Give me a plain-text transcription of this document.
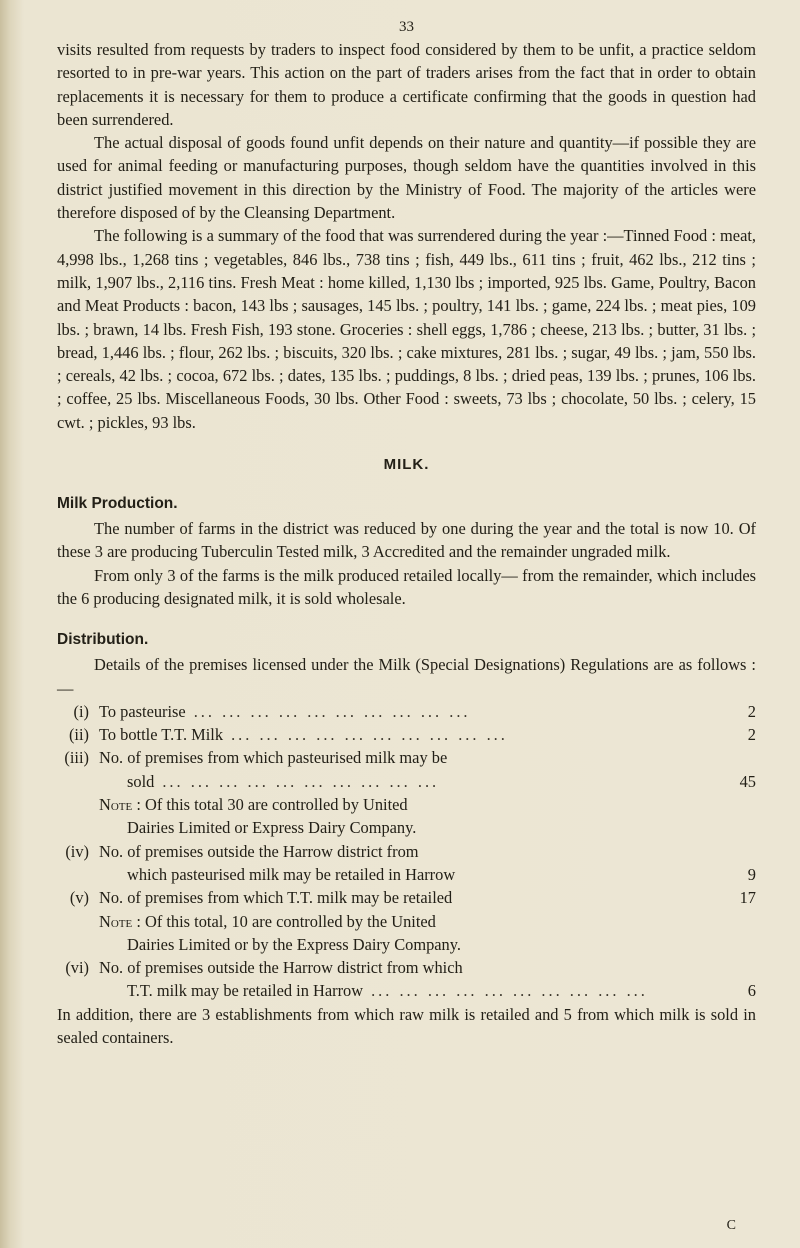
33

visits resulted from requests by traders to inspect food considered by them to be unfit, a practice seldom resorted to in pre-war years. This action on the part of traders arises from the fact that in order to obtain replacements it is necessary for them to produce a certificate confirming that the goods in question had been surrendered.

The actual disposal of goods found unfit depends on their nature and quantity—if possible they are used for animal feeding or manufacturing purposes, though seldom have the quantities involved in this district justified movement in this direction by the Ministry of Food. The majority of the articles were therefore disposed of by the Cleansing Department.

The following is a summary of the food that was surrendered during the year :—Tinned Food : meat, 4,998 lbs., 1,268 tins ; vegetables, 846 lbs., 738 tins ; fish, 449 lbs., 611 tins ; fruit, 462 lbs., 212 tins ; milk, 1,907 lbs., 2,116 tins. Fresh Meat : home killed, 1,130 lbs ; imported, 925 lbs. Game, Poultry, Bacon and Meat Products : bacon, 143 lbs ; sausages, 145 lbs. ; poultry, 141 lbs. ; game, 224 lbs. ; meat pies, 109 lbs. ; brawn, 14 lbs. Fresh Fish, 193 stone. Groceries : shell eggs, 1,786 ; cheese, 213 lbs. ; butter, 31 lbs. ; bread, 1,446 lbs. ; flour, 262 lbs. ; biscuits, 320 lbs. ; cake mixtures, 281 lbs. ; sugar, 49 lbs. ; jam, 550 lbs. ; cereals, 42 lbs. ; cocoa, 672 lbs. ; dates, 135 lbs. ; puddings, 8 lbs. ; dried peas, 139 lbs. ; prunes, 106 lbs. ; coffee, 25 lbs. Miscellaneous Foods, 30 lbs. Other Food : sweets, 73 lbs ; chocolate, 50 lbs. ; celery, 15 cwt. ; pickles, 93 lbs.

MILK.
Milk Production.

The number of farms in the district was reduced by one during the year and the total is now 10. Of these 3 are producing Tuberculin Tested milk, 3 Accredited and the remainder ungraded milk.

From only 3 of the farms is the milk produced retailed locally— from the remainder, which includes the 6 producing designated milk, it is sold wholesale.

Distribution.

Details of the premises licensed under the Milk (Special Designations) Regulations are as follows :—

(i) To pasteurise ... ... ... ... ... ... ... ... ... ...	2
(ii) To bottle T.T. Milk ... ... ... ... ... ... ... ... ... ...	2
(iii) No. of premises from which pasteurised milk may be
sold ... ... ... ... ... ... ... ... ... ...	45
Note : Of this total 30 are controlled by United
Dairies Limited or Express Dairy Company.
(iv) No. of premises outside the Harrow district from
which pasteurised milk may be retailed in Harrow	9
(v) No. of premises from which T.T. milk may be retailed	17
Note : Of this total, 10 are controlled by the United
Dairies Limited or by the Express Dairy Company.
(vi) No. of premises outside the Harrow district from which
T.T. milk may be retailed in Harrow ... ... ... ... ... ... ... ... ... ...	6

In addition, there are 3 establishments from which raw milk is retailed and 5 from which milk is sold in sealed containers.

C
